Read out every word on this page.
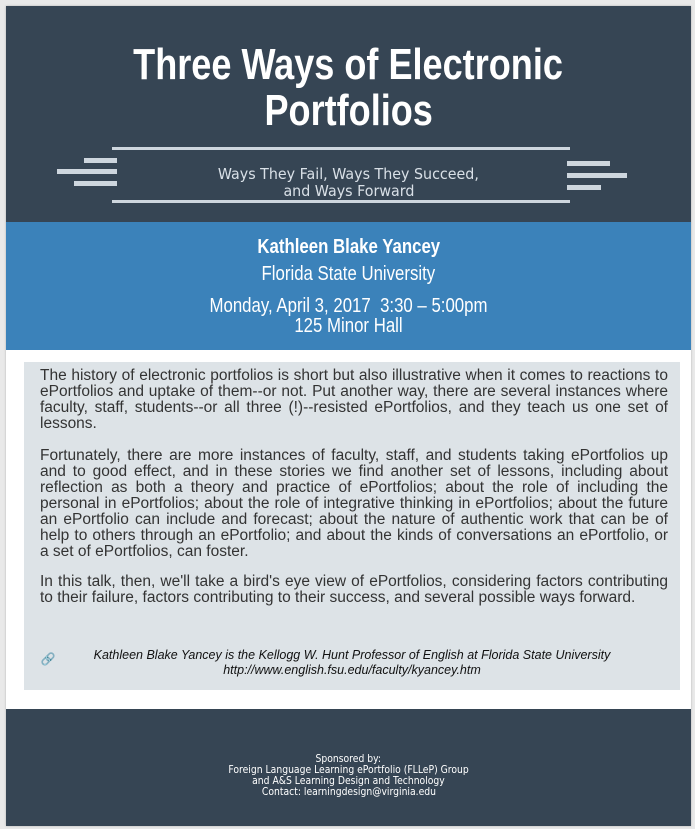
Three Ways of Electronic
Portfolios
Ways They Fail, Ways They Succeed,
and Ways Forward
Kathleen Blake Yancey
Florida State University
Monday, April 3, 2017  3:30 – 5:00pm
125 Minor Hall

The history of electronic portfolios is short but also illustrative when it comes to reactions to ePortfolios and uptake of them--or not. Put another way, there are several instances where faculty, staff, students--or all three (!)--resisted ePortfolios, and they teach us one set of lessons.

Fortunately, there are more instances of faculty, staff, and students taking ePortfolios up and to good effect, and in these stories we find another set of lessons, including about reflection as both a theory and practice of ePortfolios; about the role of including the personal in ePortfolios; about the role of integrative thinking in ePortfolios; about the future an ePortfolio can include and forecast; about the nature of authentic work that can be of help to others through an ePortfolio; and about the kinds of conversations an ePortfolio, or a set of ePortfolios, can foster.

In this talk, then, we'll take a bird's eye view of ePortfolios, considering factors contributing to their failure, factors contributing to their success, and several possible ways forward.

🔗	Kathleen Blake Yancey is the Kellogg W. Hunt Professor of English at Florida State University
http://www.english.fsu.edu/faculty/kyancey.htm
Sponsored by:
Foreign Language Learning ePortfolio (FLLeP) Group
and A&S Learning Design and Technology
Contact: learningdesign@virginia.edu
